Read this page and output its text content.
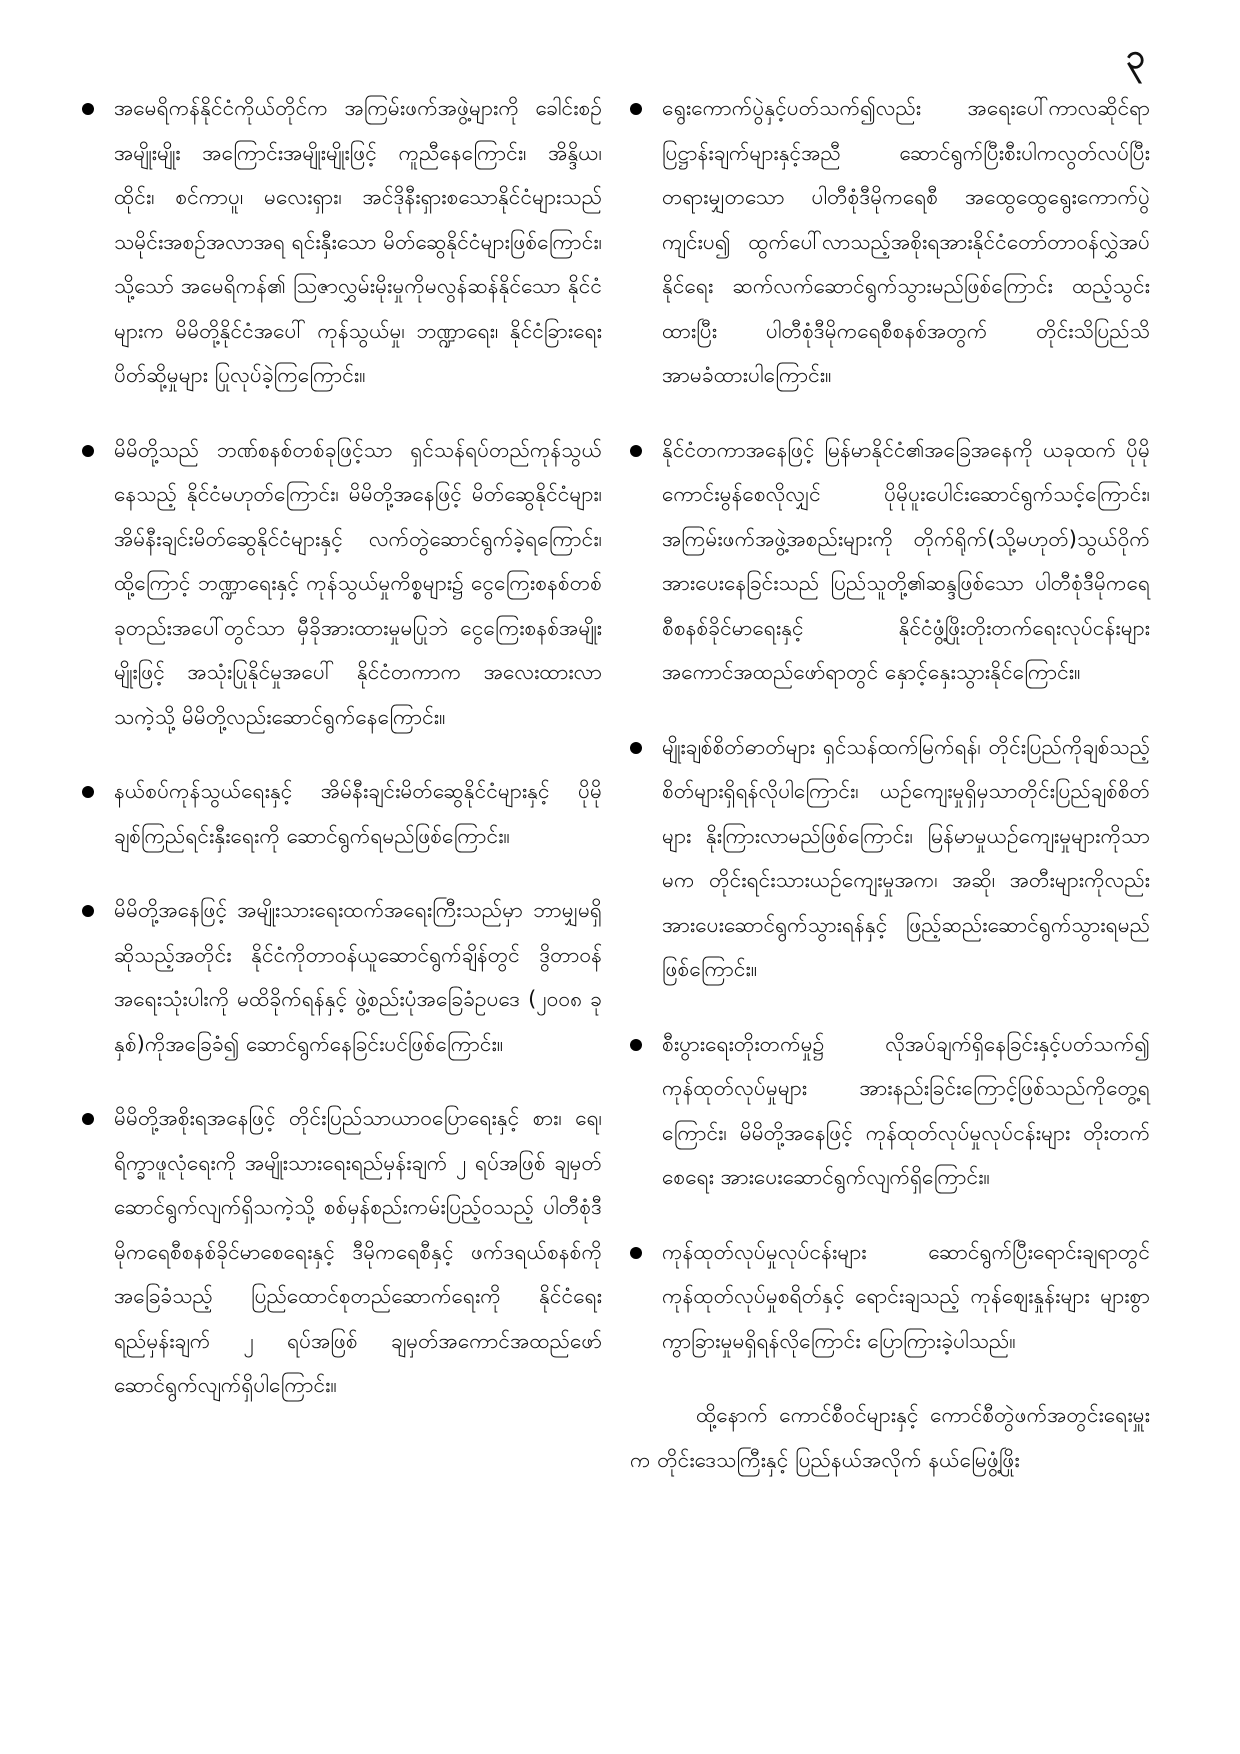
၃

အမေရိကန်နိုင်ငံကိုယ်တိုင်က အကြမ်းဖက်အဖွဲ့များကို ခေါင်းစဉ်အမျိုးမျိုး အကြောင်းအမျိုးမျိုးဖြင့် ကူညီနေကြောင်း၊ အိန္ဒိယ၊ ထိုင်း၊ စင်ကာပူ၊ မလေးရှား၊ အင်ဒိုနီးရှားစသောနိုင်ငံများသည် သမိုင်းအစဉ်အလာအရ ရင်းနှီးသော မိတ်ဆွေနိုင်ငံများဖြစ်ကြောင်း၊ သို့သော် အမေရိကန်၏ ဩဇာလွှမ်းမိုးမှုကိုမလွန်ဆန်နိုင်သော နိုင်ငံများက မိမိတို့နိုင်ငံအပေါ် ကုန်သွယ်မှု၊ ဘဏ္ဍာရေး၊ နိုင်ငံခြားရေး ပိတ်ဆို့မှုများ ပြုလုပ်ခဲ့ကြကြောင်း။

မိမိတို့သည် ဘဏ်စနစ်တစ်ခုဖြင့်သာ ရှင်သန်ရပ်တည်ကုန်သွယ်နေသည့် နိုင်ငံမဟုတ်ကြောင်း၊ မိမိတို့အနေဖြင့် မိတ်ဆွေနိုင်ငံများ၊ အိမ်နီးချင်းမိတ်ဆွေနိုင်ငံများနှင့် လက်တွဲဆောင်ရွက်ခဲ့ရကြောင်း၊ ထို့ကြောင့် ဘဏ္ဍာရေးနှင့် ကုန်သွယ်မှုကိစ္စများ၌ ငွေကြေးစနစ်တစ်ခုတည်းအပေါ်တွင်သာ မှီခိုအားထားမှုမပြုဘဲ ငွေကြေးစနစ်အမျိုးမျိုးဖြင့် အသုံးပြုနိုင်မှုအပေါ် နိုင်ငံတကာက အလေးထားလာသကဲ့သို့ မိမိတို့လည်းဆောင်ရွက်နေကြောင်း။

နယ်စပ်ကုန်သွယ်ရေးနှင့် အိမ်နီးချင်းမိတ်ဆွေနိုင်ငံများနှင့် ပိုမိုချစ်ကြည်ရင်းနှီးရေးကို ဆောင်ရွက်ရမည်ဖြစ်ကြောင်း။

မိမိတို့အနေဖြင့် အမျိုးသားရေးထက်အရေးကြီးသည်မှာ ဘာမျှမရှိဆိုသည့်အတိုင်း နိုင်ငံကိုတာဝန်ယူဆောင်ရွက်ချိန်တွင် ဒွိတာဝန်အရေးသုံးပါးကို မထိခိုက်ရန်နှင့် ဖွဲ့စည်းပုံအခြေခံဥပဒေ (၂၀၀၈ ခုနှစ်)ကိုအခြေခံ၍ ဆောင်ရွက်နေခြင်းပင်ဖြစ်ကြောင်း။

မိမိတို့အစိုးရအနေဖြင့် တိုင်းပြည်သာယာဝပြောရေးနှင့် စား၊ ရေ၊ ရိက္ခာဖူလုံရေးကို အမျိုးသားရေးရည်မှန်းချက် ၂ ရပ်အဖြစ် ချမှတ်ဆောင်ရွက်လျက်ရှိသကဲ့သို့ စစ်မှန်စည်းကမ်းပြည့်ဝသည့် ပါတီစုံဒီမိုကရေစီစနစ်ခိုင်မာစေရေးနှင့် ဒီမိုကရေစီနှင့် ဖက်ဒရယ်စနစ်ကိုအခြေခံသည့် ပြည်ထောင်စုတည်ဆောက်ရေးကို နိုင်ငံရေးရည်မှန်းချက် ၂ ရပ်အဖြစ် ချမှတ်အကောင်အထည်ဖော် ဆောင်ရွက်လျက်ရှိပါကြောင်း။

ရွေးကောက်ပွဲနှင့်ပတ်သက်၍လည်း အရေးပေါ်ကာလဆိုင်ရာပြဋ္ဌာန်းချက်များနှင့်အညီ ဆောင်ရွက်ပြီးစီးပါကလွတ်လပ်ပြီး တရားမျှတသော ပါတီစုံဒီမိုကရေစီ အထွေထွေရွေးကောက်ပွဲကျင်းပ၍ ထွက်ပေါ်လာသည့်အစိုးရအားနိုင်ငံတော်တာဝန်လွှဲအပ်နိုင်ရေး ဆက်လက်ဆောင်ရွက်သွားမည်ဖြစ်ကြောင်း ထည့်သွင်းထားပြီး ပါတီစုံဒီမိုကရေစီစနစ်အတွက် တိုင်းသိပြည်သိ အာမခံထားပါကြောင်း။

နိုင်ငံတကာအနေဖြင့် မြန်မာနိုင်ငံ၏အခြေအနေကို ယခုထက် ပိုမိုကောင်းမွန်စေလိုလျှင် ပိုမိုပူးပေါင်းဆောင်ရွက်သင့်ကြောင်း၊ အကြမ်းဖက်အဖွဲ့အစည်းများကို တိုက်ရိုက်(သို့မဟုတ်)သွယ်ဝိုက်အားပေးနေခြင်းသည် ပြည်သူတို့၏ဆန္ဒဖြစ်သော ပါတီစုံဒီမိုကရေစီစနစ်ခိုင်မာရေးနှင့် နိုင်ငံဖွံ့ဖြိုးတိုးတက်ရေးလုပ်ငန်းများ အကောင်အထည်ဖော်ရာတွင် နှောင့်နှေးသွားနိုင်ကြောင်း။

မျိုးချစ်စိတ်ဓာတ်များ ရှင်သန်ထက်မြက်ရန်၊ တိုင်းပြည်ကိုချစ်သည့် စိတ်များရှိရန်လိုပါကြောင်း၊ ယဉ်ကျေးမှုရှိမှသာတိုင်းပြည်ချစ်စိတ်များ နိုးကြားလာမည်ဖြစ်ကြောင်း၊ မြန်မာမှုယဉ်ကျေးမှုများကိုသာမက တိုင်းရင်းသားယဉ်ကျေးမှုအက၊ အဆို၊ အတီးများကိုလည်း အားပေးဆောင်ရွက်သွားရန်နှင့် ဖြည့်ဆည်းဆောင်ရွက်သွားရမည်ဖြစ်ကြောင်း။

စီးပွားရေးတိုးတက်မှု၌ လိုအပ်ချက်ရှိနေခြင်းနှင့်ပတ်သက်၍ ကုန်ထုတ်လုပ်မှုများ အားနည်းခြင်းကြောင့်ဖြစ်သည်ကိုတွေ့ရကြောင်း၊ မိမိတို့အနေဖြင့် ကုန်ထုတ်လုပ်မှုလုပ်ငန်းများ တိုးတက်စေရေး အားပေးဆောင်ရွက်လျက်ရှိကြောင်း။

ကုန်ထုတ်လုပ်မှုလုပ်ငန်းများ ဆောင်ရွက်ပြီးရောင်းချရာတွင် ကုန်ထုတ်လုပ်မှုစရိတ်နှင့် ရောင်းချသည့် ကုန်ဈေးနှုန်းများ များစွာကွာခြားမှုမရှိရန်လိုကြောင်း ပြောကြားခဲ့ပါသည်။

ထို့နောက် ကောင်စီဝင်များနှင့် ကောင်စီတွဲဖက်အတွင်းရေးမှူးက တိုင်းဒေသကြီးနှင့် ပြည်နယ်အလိုက် နယ်မြေဖွံ့ဖြိုး
